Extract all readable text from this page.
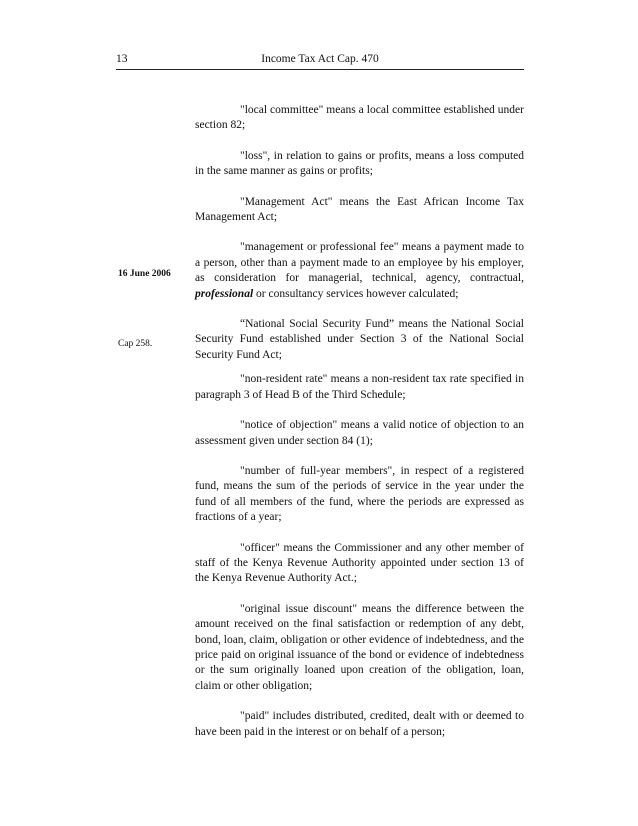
13	Income Tax Act Cap. 470
16 June 2006
Cap 258.

"local committee" means a local committee established under section 82;

"loss", in relation to gains or profits, means a loss computed in the same manner as gains or profits;

"Management Act" means the East African Income Tax Management Act;

"management or professional fee" means a payment made to a person, other than a payment made to an employee by his employer, as consideration for managerial, technical, agency, contractual, professional or consultancy services however calculated;

“National Social Security Fund” means the National Social Security Fund established under Section 3 of the National Social Security Fund Act;

"non-resident rate" means a non-resident tax rate specified in paragraph 3 of Head B of the Third Schedule;

"notice of objection" means a valid notice of objection to an assessment given under section 84 (1);

"number of full-year members", in respect of a registered fund, means the sum of the periods of service in the year under the fund of all members of the fund, where the periods are expressed as fractions of a year;

"officer" means the Commissioner and any other member of staff of the Kenya Revenue Authority appointed under section 13 of the Kenya Revenue Authority Act.;

"original issue discount" means the difference between the amount received on the final satisfaction or redemption of any debt, bond, loan, claim, obligation or other evidence of indebtedness, and the price paid on original issuance of the bond or evidence of indebtedness or the sum originally loaned upon creation of the obligation, loan, claim or other obligation;

"paid" includes distributed, credited, dealt with or deemed to have been paid in the interest or on behalf of a person;
